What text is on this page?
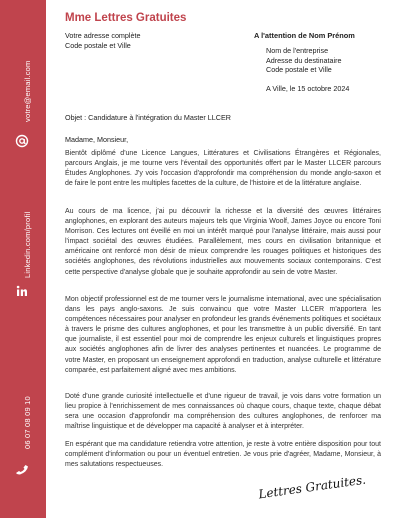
votre@email.com
Linkedin.com/profil
06 07 08 09 10
Mme Lettres Gratuites
Votre adresse complète
Code postale et Ville
A l'attention de Nom Prénom
Nom de l'entreprise
Adresse du destinataire
Code postale et Ville
A Ville, le 15 octobre 2024
Objet : Candidature à l'intégration du Master LLCER
Madame, Monsieur,

Bientôt diplômé d'une Licence Langues, Littératures et Civilisations Étrangères et Régionales, parcours Anglais, je me tourne vers l'éventail des opportunités offert par le Master LLCER parcours Études Anglophones. J'y vois l'occasion d'approfondir ma compréhension du monde anglo-saxon et de faire le pont entre les multiples facettes de la culture, de l'histoire et de la littérature anglaise.

Au cours de ma licence, j'ai pu découvrir la richesse et la diversité des œuvres littéraires anglophones, en explorant des auteurs majeurs tels que Virginia Woolf, James Joyce ou encore Toni Morrison. Ces lectures ont éveillé en moi un intérêt marqué pour l'analyse littéraire, mais aussi pour l'impact sociétal des œuvres étudiées. Parallèlement, mes cours en civilisation britannique et américaine ont renforcé mon désir de mieux comprendre les rouages politiques et historiques des sociétés anglophones, des révolutions industrielles aux mouvements sociaux contemporains. C'est cette perspective d'analyse globale que je souhaite approfondir au sein de votre Master.

Mon objectif professionnel est de me tourner vers le journalisme international, avec une spécialisation dans les pays anglo-saxons. Je suis convaincu que votre Master LLCER m'apportera les compétences nécessaires pour analyser en profondeur les grands événements politiques et sociétaux à travers le prisme des cultures anglophones, et pour les transmettre à un public diversifié. En tant que journaliste, il est essentiel pour moi de comprendre les enjeux culturels et linguistiques propres aux sociétés anglophones afin de livrer des analyses pertinentes et nuancées. Le programme de votre Master, en proposant un enseignement approfondi en traduction, analyse culturelle et littérature comparée, est parfaitement aligné avec mes ambitions.

Doté d'une grande curiosité intellectuelle et d'une rigueur de travail, je vois dans votre formation un lieu propice à l'enrichissement de mes connaissances où chaque cours, chaque texte, chaque débat sera une occasion d'approfondir ma compréhension des cultures anglophones, de renforcer ma maîtrise linguistique et de développer ma capacité à analyser et à interpréter.

En espérant que ma candidature retiendra votre attention, je reste à votre entière disposition pour tout complément d'information ou pour un éventuel entretien. Je vous prie d'agréer, Madame, Monsieur, à mes salutations respectueuses.

Lettres Gratuites.
